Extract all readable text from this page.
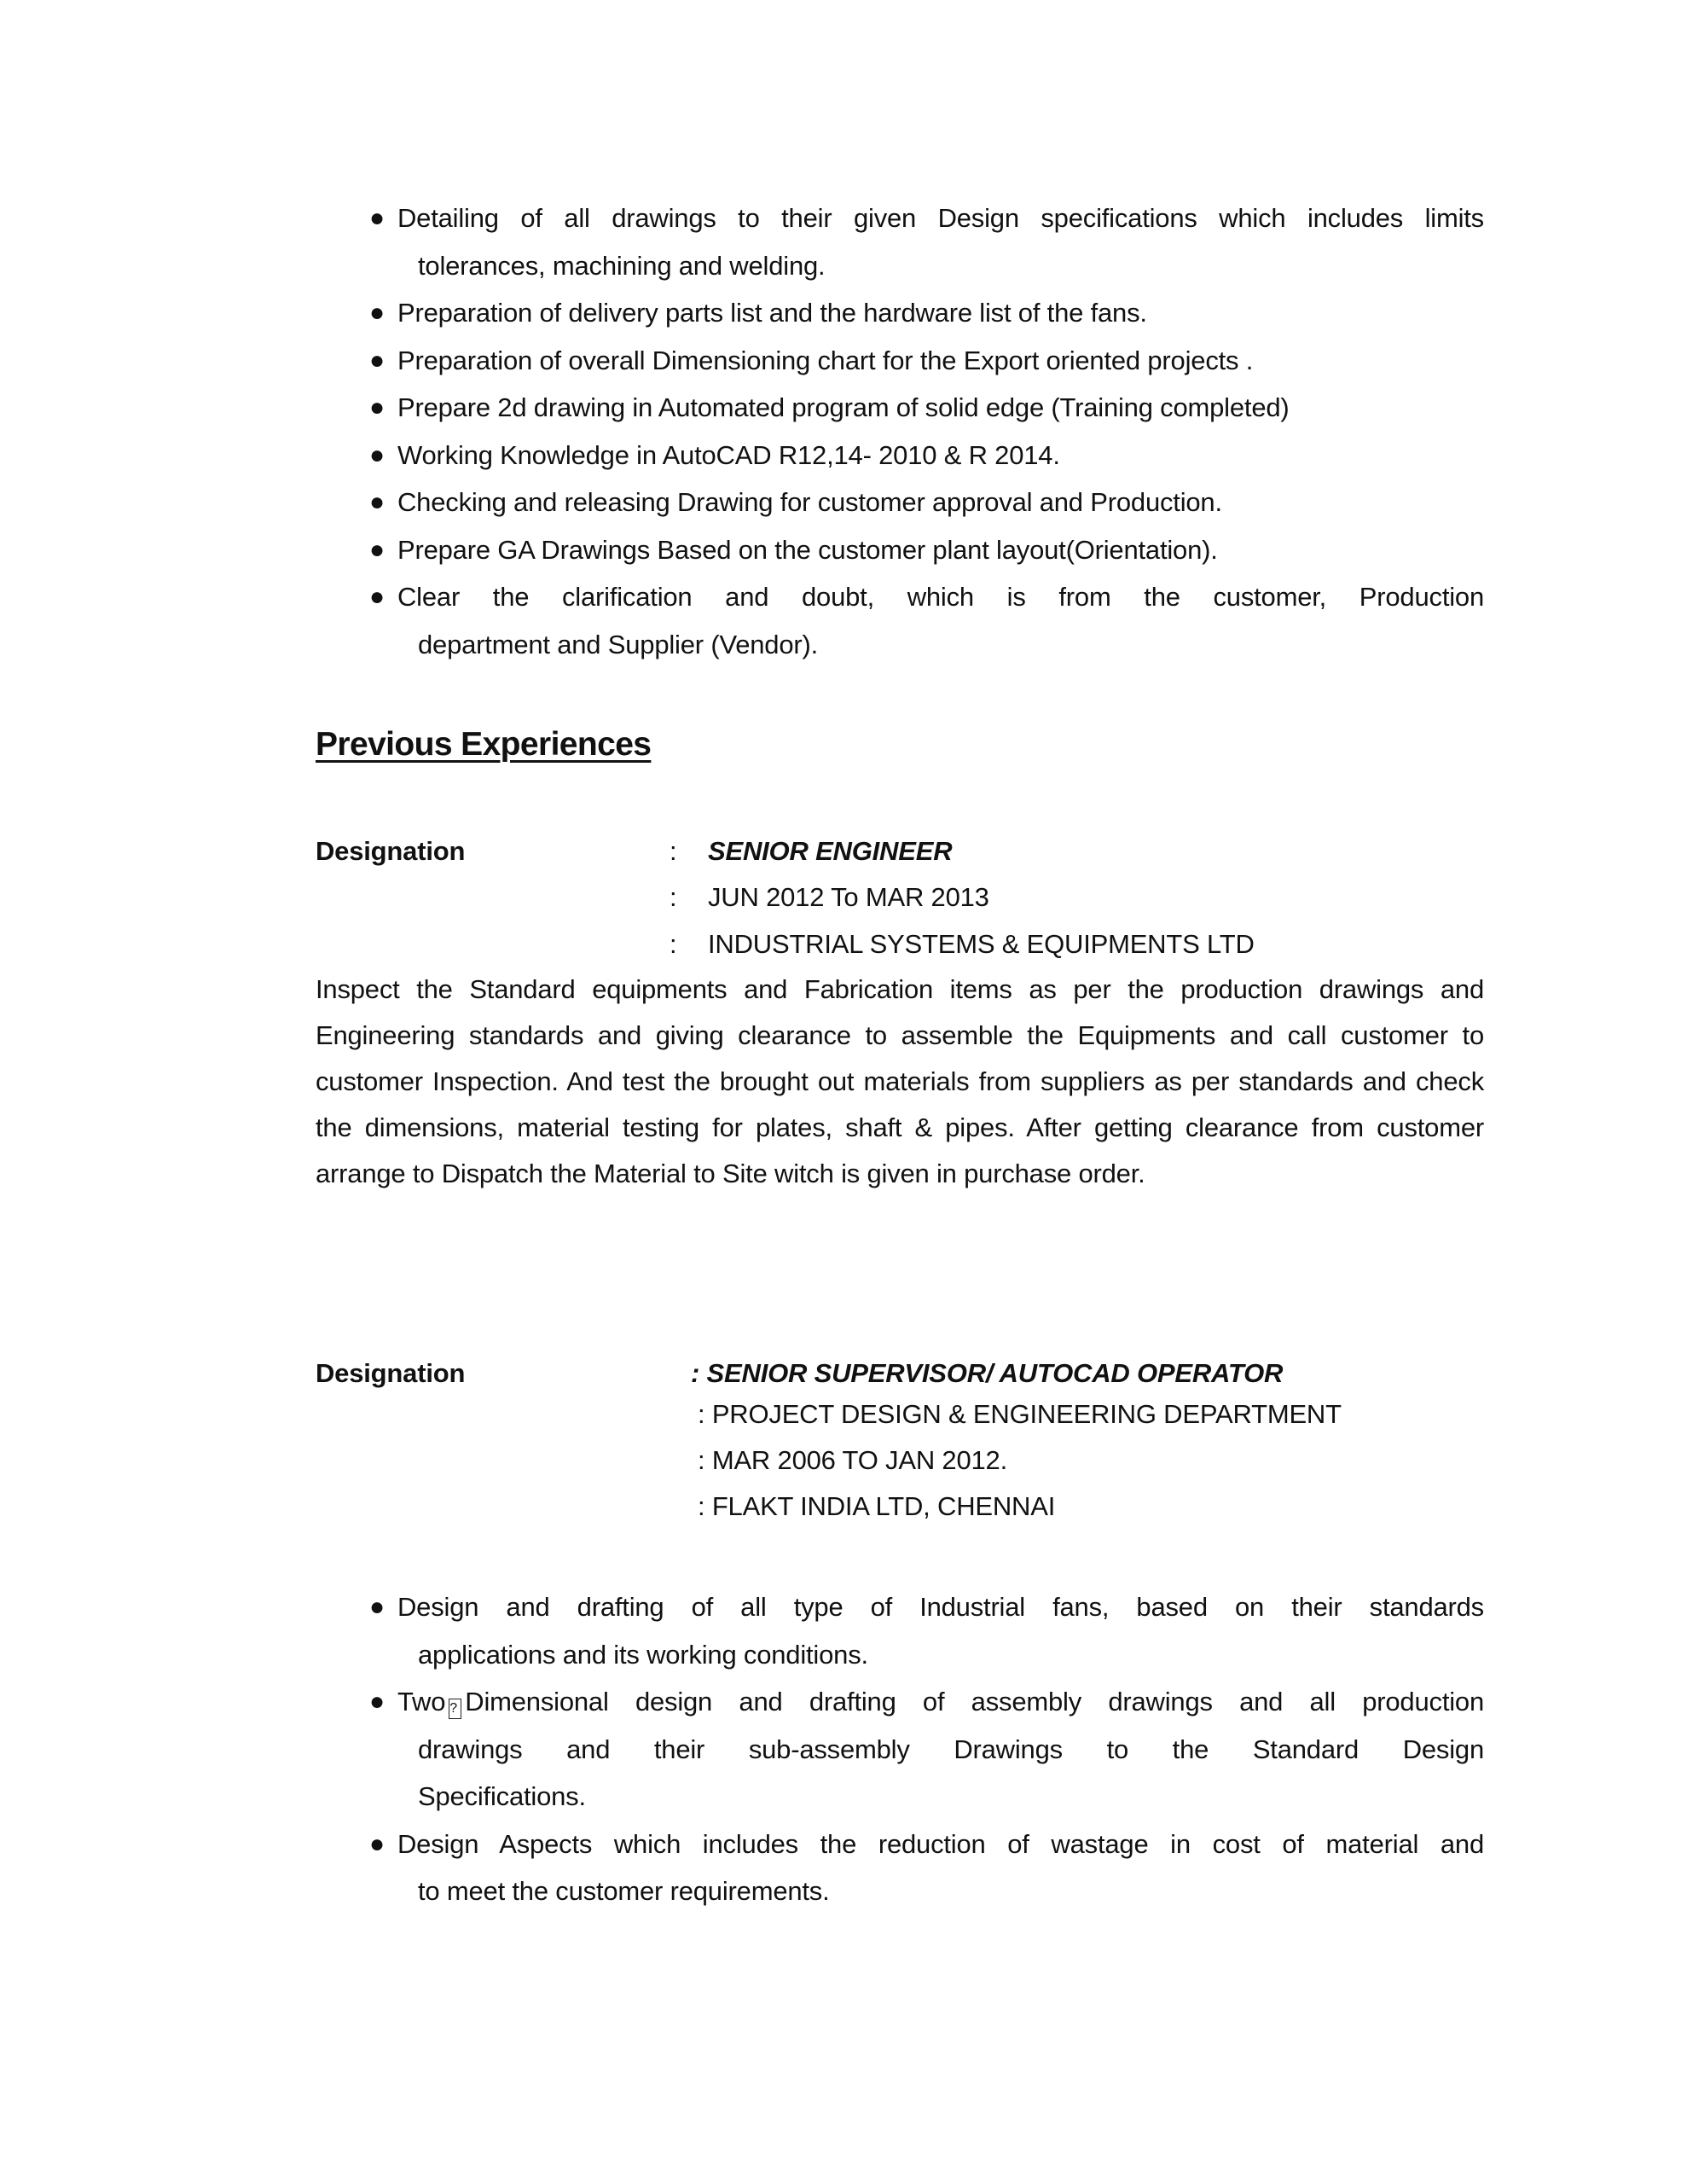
● Detailing of all drawings to their given Design specifications which includes limits
tolerances, machining and welding.
● Preparation of delivery parts list and the hardware list of the fans.
● Preparation of overall Dimensioning chart for the Export oriented projects .
● Prepare 2d drawing in Automated program of solid edge (Training completed)
● Working Knowledge in AutoCAD R12,14- 2010 & R 2014.
● Checking and releasing Drawing for customer approval and Production.
● Prepare GA Drawings Based on the customer plant layout(Orientation).
● Clear the clarification and doubt, which is from the customer, Production
department and Supplier (Vendor).
Previous Experiences
Designation	: SENIOR ENGINEER
: JUN 2012 To MAR 2013
: INDUSTRIAL SYSTEMS & EQUIPMENTS LTD

Inspect the Standard equipments and Fabrication items as per the production drawings and Engineering standards and giving clearance to assemble the Equipments and call customer to customer Inspection. And test the brought out materials from suppliers as per standards and check the dimensions, material testing for plates, shaft & pipes. After getting clearance from customer arrange to Dispatch the Material to Site witch is given in purchase order.

Designation	: SENIOR SUPERVISOR/ AUTOCAD OPERATOR
: PROJECT DESIGN & ENGINEERING DEPARTMENT
: MAR 2006 TO JAN 2012.
: FLAKT INDIA LTD, CHENNAI
● Design and drafting of all type of Industrial fans, based on their standards
applications and its working conditions.
● Two ? Dimensional design and drafting of assembly drawings and all production
drawings and their sub-assembly Drawings to the Standard Design
Specifications.
● Design Aspects which includes the reduction of wastage in cost of material and
to meet the customer requirements.
